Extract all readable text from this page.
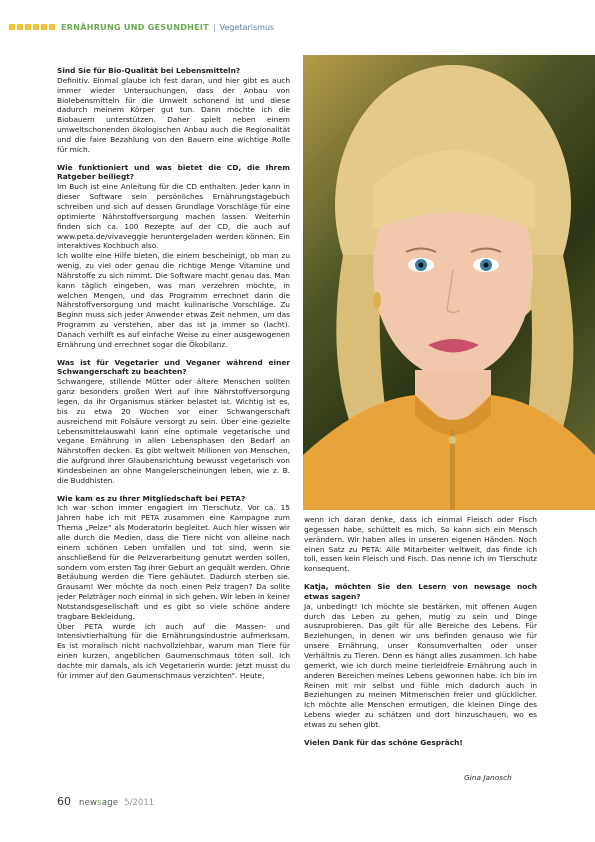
ERNÄHRUNG UND GESUNDHEIT | Vegetarismus

Sind Sie für Bio-Qualität bei Lebensmitteln?

Definitiv. Einmal glaube ich fest daran, und hier gibt es auch immer wieder Untersuchungen, dass der Anbau von Biolebensmitteln für die Umwelt schonend ist und diese dadurch meinem Körper gut tun. Dann möchte ich die Biobauern unterstützen. Daher spielt neben einem umweltschonenden ökologischen Anbau auch die Regionalität und die faire Bezahlung von den Bauern eine wichtige Rolle für mich.

Wie funktioniert und was bietet die CD, die Ihrem Ratgeber beiliegt?

Im Buch ist eine Anleitung für die CD enthalten. Jeder kann in dieser Software sein persönliches Ernährungstagebuch schreiben und sich auf dessen Grundlage Vorschläge für eine optimierte Nährstoffversorgung machen lassen. Weiterhin finden sich ca. 100 Rezepte auf der CD, die auch auf www.peta.de/vivaveggie heruntergeladen werden können. Ein interaktives Kochbuch also.

Ich wollte eine Hilfe bieten, die einem bescheinigt, ob man zu wenig, zu viel oder genau die richtige Menge Vitamine und Nährstoffe zu sich nimmt. Die Software macht genau das. Man kann täglich eingeben, was man verzehren möchte, in welchen Mengen, und das Programm errechnet dann die Nährstoffversorgung und macht kulinarische Vorschläge. Zu Beginn muss sich jeder Anwender etwas Zeit nehmen, um das Programm zu verstehen, aber das ist ja immer so (lacht). Danach verhilft es auf einfache Weise zu einer ausgewogenen Ernährung und errechnet sogar die Ökobilanz.

Was ist für Vegetarier und Veganer während einer Schwangerschaft zu beachten?

Schwangere, stillende Mütter oder ältere Menschen sollten ganz besonders großen Wert auf ihre Nährstoffversorgung legen, da ihr Organismus stärker belastet ist. Wichtig ist es, bis zu etwa 20 Wochen vor einer Schwangerschaft ausreichend mit Folsäure versorgt zu sein. Über eine gezielte Lebensmittelauswahl kann eine optimale vegetarische und vegane Ernährung in allen Lebensphasen den Bedarf an Nährstoffen decken. Es gibt weltweit Millionen von Menschen, die aufgrund ihrer Glaubensrichtung bewusst vegetarisch von Kindesbeinen an ohne Mangelerscheinungen leben, wie z. B. die Buddhisten.

Wie kam es zu Ihrer Mitgliedschaft bei PETA?

Ich war schon immer engagiert im Tierschutz. Vor ca. 15 Jahren habe ich mit PETA zusammen eine Kampagne zum Thema „Pelze“ als Moderatorin begleitet. Auch hier wissen wir alle durch die Medien, dass die Tiere nicht von alleine nach einem schönen Leben umfallen und tot sind, wenn sie anschließend für die Pelzverarbeitung genutzt werden sollen, sondern vom ersten Tag ihrer Geburt an gequält werden. Ohne Betäubung werden die Tiere gehäutet. Dadurch sterben sie. Grausam! Wer möchte da noch einen Pelz tragen? Da sollte jeder Pelzträger noch einmal in sich gehen. Wir leben in keiner Notstandsgesellschaft und es gibt so viele schöne andere tragbare Bekleidung.

Über PETA wurde ich auch auf die Massen- und Intensivtierhaltung für die Ernährungsindustrie aufmerksam. Es ist moralisch nicht nachvollziehbar, warum man Tiere für einen kurzen, angeblichen Gaumenschmaus töten soll. Ich dachte mir damals, als ich Vegetarierin wurde: Jetzt musst du für immer auf den Gaumenschmaus verzichten“. Heute,

wenn ich daran denke, dass ich einmal Fleisch oder Fisch gegessen habe, schüttelt es mich. So kann sich ein Mensch verändern. Wir haben alles in unseren eigenen Händen. Noch einen Satz zu PETA: Alle Mitarbeiter weltweit, das finde ich toll, essen kein Fleisch und Fisch. Das nenne ich im Tierschutz konsequent.

Katja, möchten Sie den Lesern von newsage noch etwas sagen?

Ja, unbedingt! Ich möchte sie bestärken, mit offenen Augen durch das Leben zu gehen, mutig zu sein und Dinge auszuprobieren. Das gilt für alle Bereiche des Lebens. Für Beziehungen, in denen wir uns befinden genauso wie für unsere Ernährung, unser Konsumverhalten oder unser Verhältnis zu Tieren. Denn es hängt alles zusammen. Ich habe gemerkt, wie ich durch meine tierleidfreie Ernährung auch in anderen Bereichen meines Lebens gewonnen habe. Ich bin im Reinen mit mir selbst und fühle mich dadurch auch in Beziehungen zu meinen Mitmenschen freier und glücklicher. Ich möchte alle Menschen ermutigen, die kleinen Dinge des Lebens wieder zu schätzen und dort hinzuschauen, wo es etwas zu sehen gibt.

Vielen Dank für das schöne Gespräch!

Gina Janosch
60 newsage 5/2011
